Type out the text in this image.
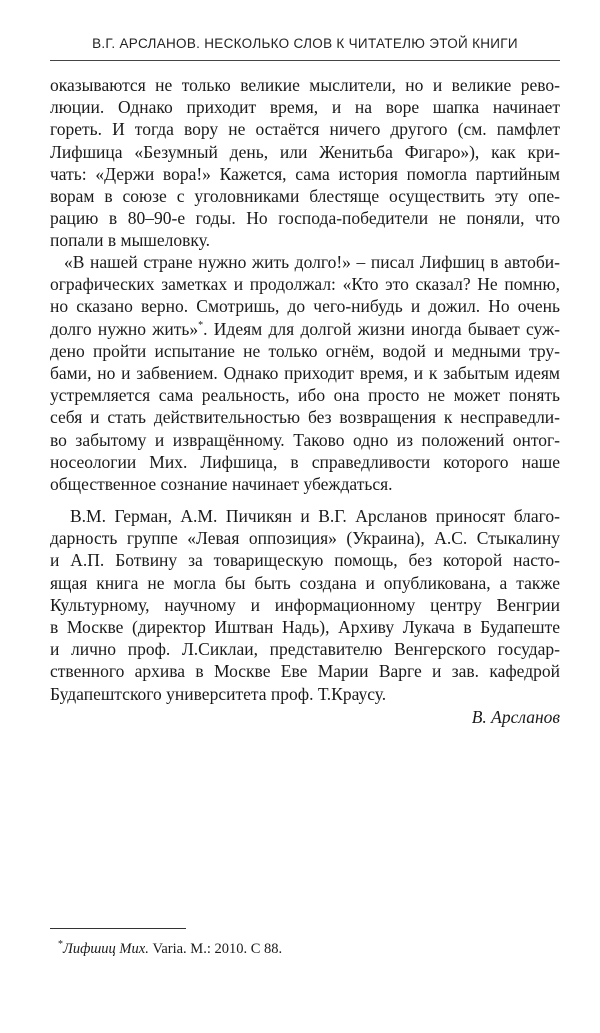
В.Г. АРСЛАНОВ. НЕСКОЛЬКО СЛОВ К ЧИТАТЕЛЮ ЭТОЙ КНИГИ
оказываются не только великие мыслители, но и великие рево-
люции. Однако приходит время, и на воре шапка начинает
гореть. И тогда вору не остаётся ничего другого (см. памфлет
Лифшица «Безумный день, или Женитьба Фигаро»), как кри-
чать: «Держи вора!» Кажется, сама история помогла партийным
ворам в союзе с уголовниками блестяще осуществить эту опе-
рацию в 80–90-е годы. Но господа-победители не поняли, что
попали в мышеловку.
«В нашей стране нужно жить долго!» – писал Лифшиц в автоби-
ографических заметках и продолжал: «Кто это сказал? Не помню,
но сказано верно. Смотришь, до чего-нибудь и дожил. Но очень
долго нужно жить»*. Идеям для долгой жизни иногда бывает суж-
дено пройти испытание не только огнём, водой и медными тру-
бами, но и забвением. Однако приходит время, и к забытым идеям
устремляется сама реальность, ибо она просто не может понять
себя и стать действительностью без возвращения к несправедли-
во забытому и извращённому. Таково одно из положений онтог-
носеологии Мих. Лифшица, в справедливости которого наше
общественное сознание начинает убеждаться.
В.М. Герман, А.М. Пичикян и В.Г. Арсланов приносят благо-
дарность группе «Левая оппозиция» (Украина), А.С. Стыкалину
и А.П. Ботвину за товарищескую помощь, без которой насто-
ящая книга не могла бы быть создана и опубликована, а также
Культурному, научному и информационному центру Венгрии
в Москве (директор Иштван Надь), Архиву Лукача в Будапеште
и лично проф. Л.Сиклаи, представителю Венгерского государ-
ственного архива в Москве Еве Марии Варге и зав. кафедрой
Будапештского университета проф. Т.Краусу.
В. Арсланов
*Лифшиц Мих. Varia. М.: 2010. С 88.
